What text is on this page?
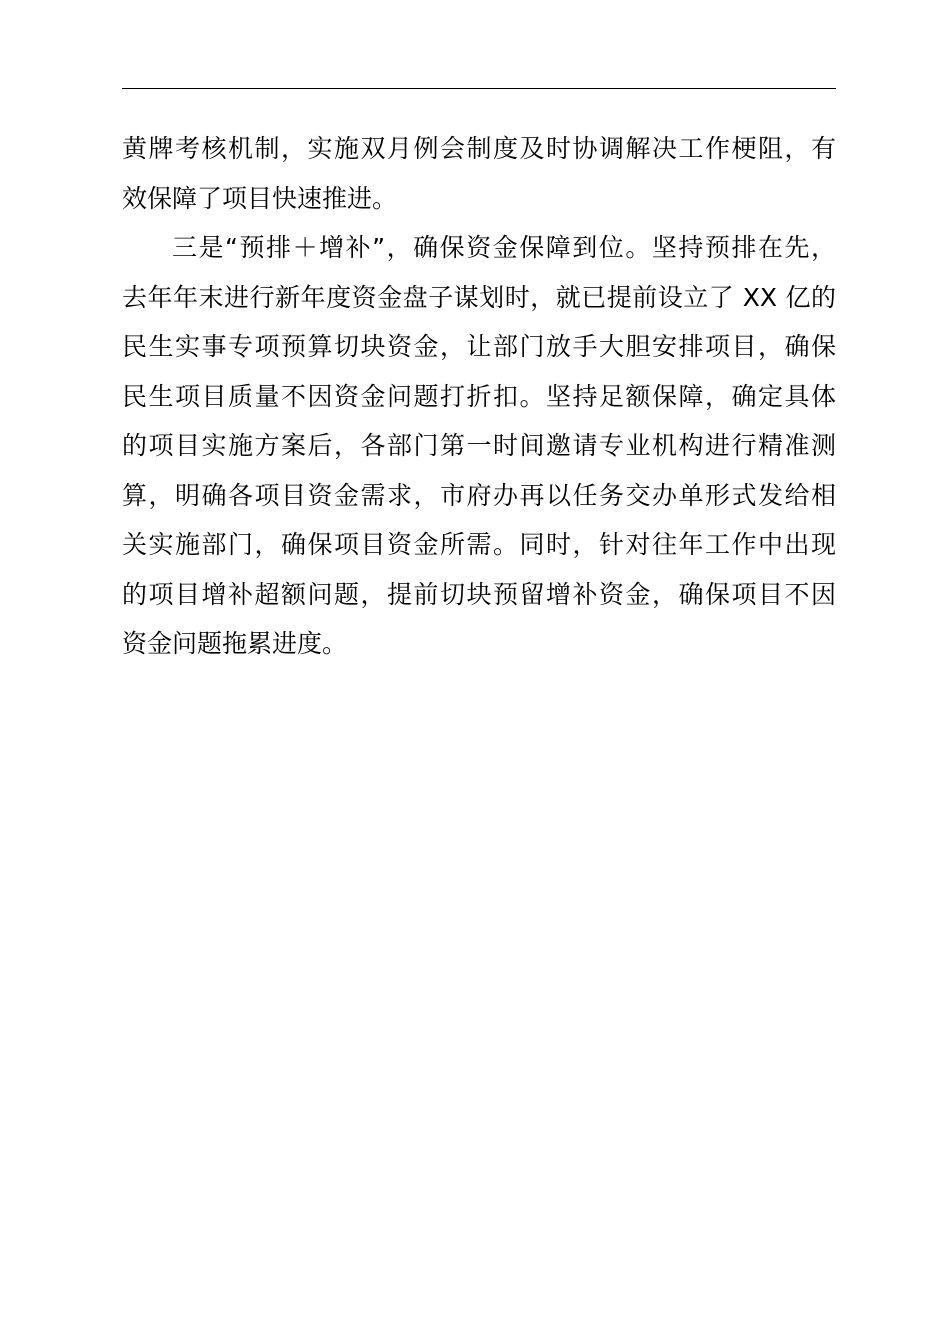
黄牌考核机制，实施双月例会制度及时协调解决工作梗阻，有
效保障了项目快速推进。
三是“预排＋增补”，确保资金保障到位。坚持预排在先，
去年年末进行新年度资金盘子谋划时，就已提前设立了 XX 亿的
民生实事专项预算切块资金，让部门放手大胆安排项目，确保
民生项目质量不因资金问题打折扣。坚持足额保障，确定具体
的项目实施方案后，各部门第一时间邀请专业机构进行精准测
算，明确各项目资金需求，市府办再以任务交办单形式发给相
关实施部门，确保项目资金所需。同时，针对往年工作中出现
的项目增补超额问题，提前切块预留增补资金，确保项目不因
资金问题拖累进度。
